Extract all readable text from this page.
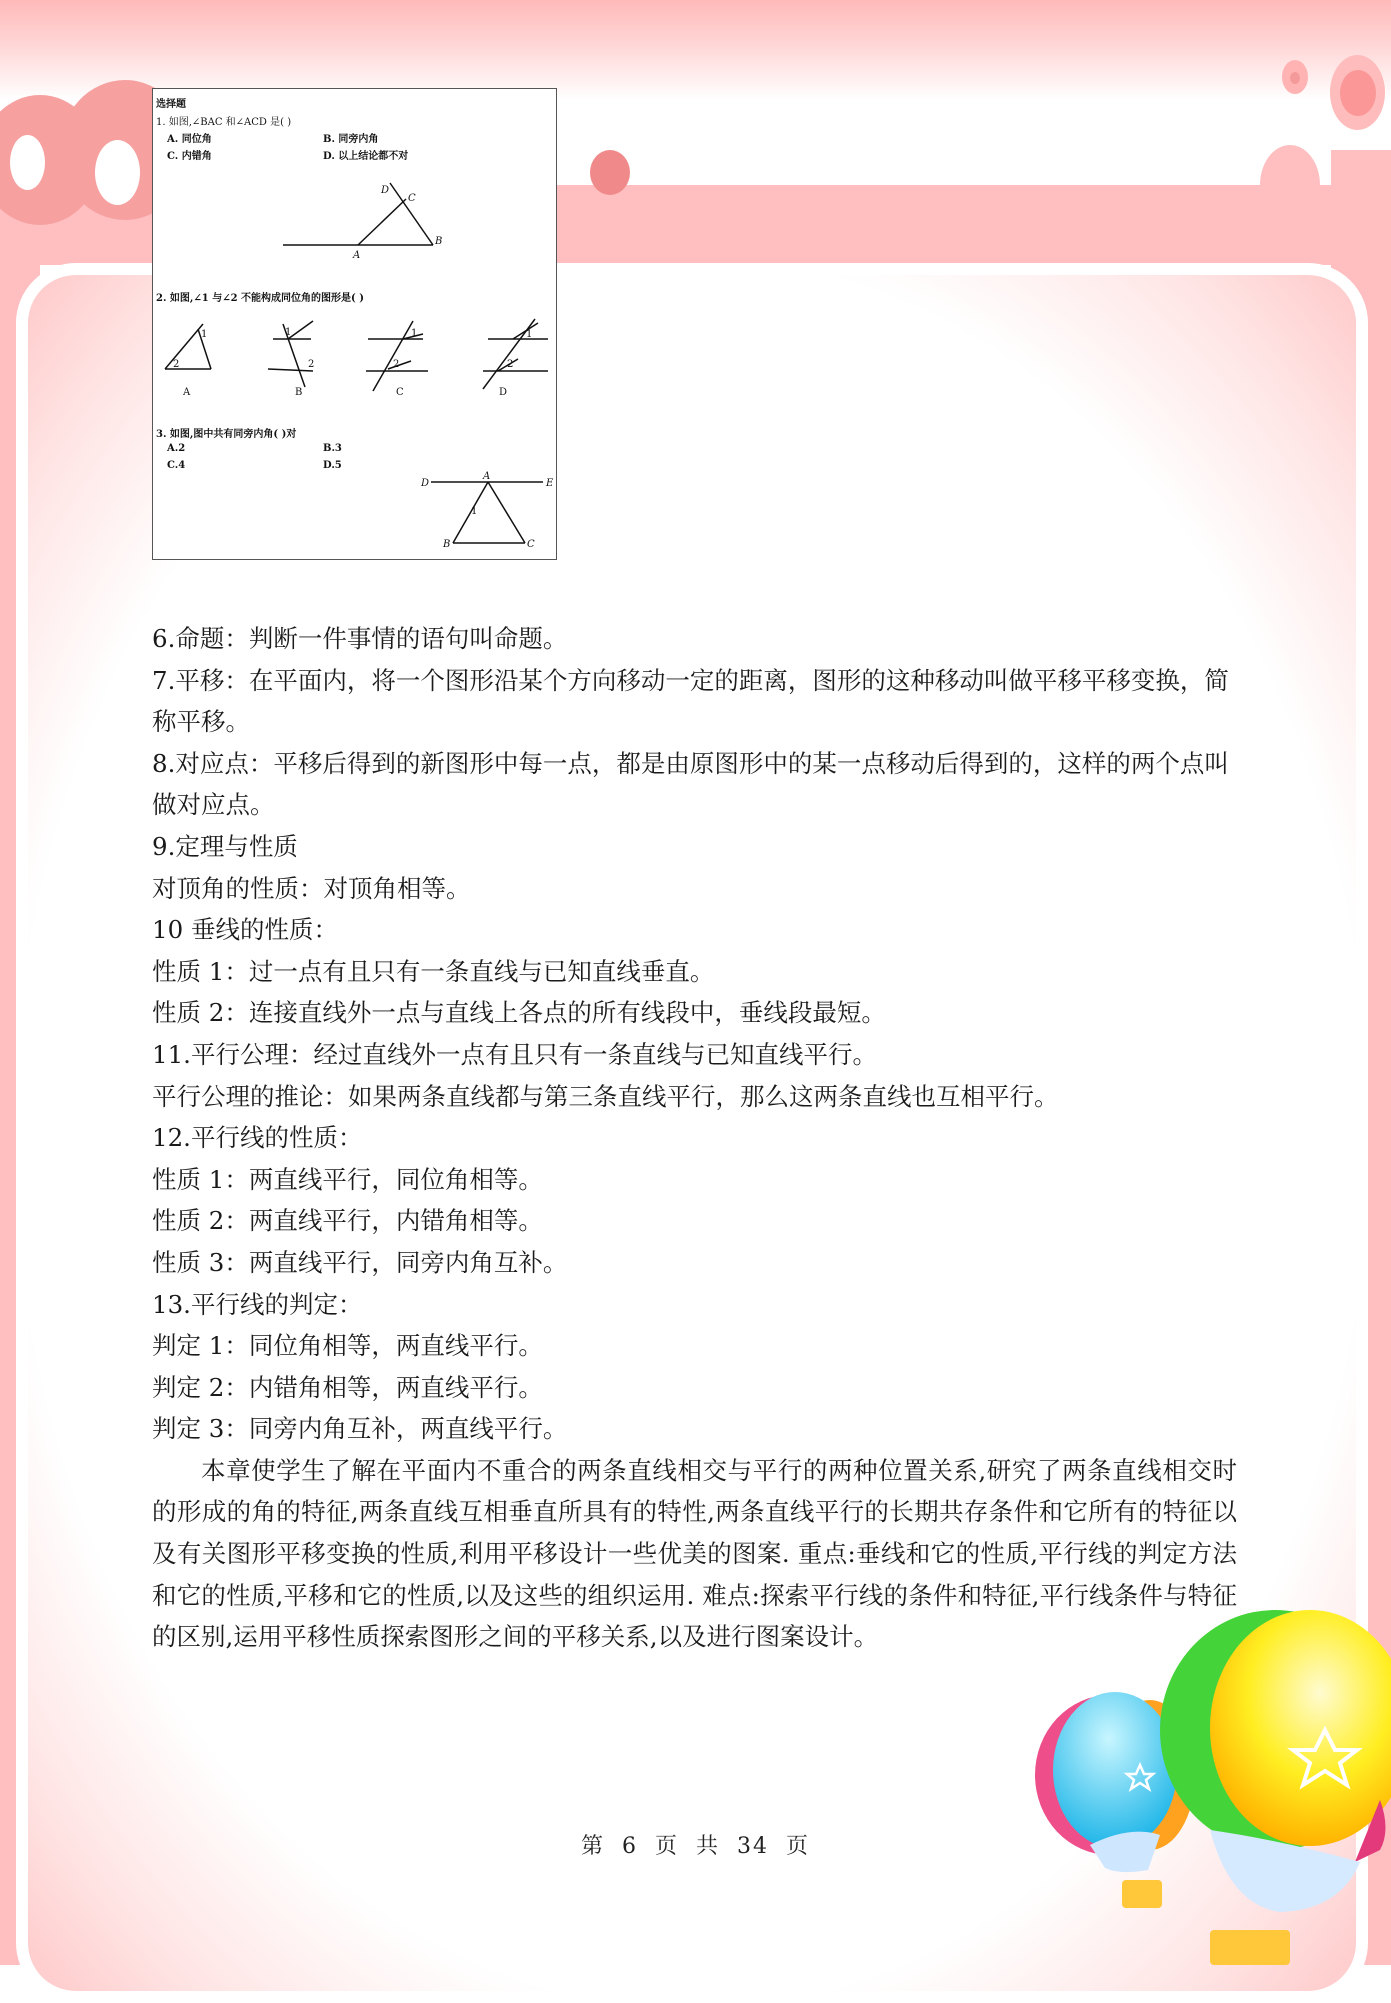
选择题
1. 如图,∠BAC 和∠ACD 是( )
A. 同位角	B. 同旁内角
C. 内错角	D. 以上结论都不对
D
C
A
B
2. 如图,∠1 与∠2 不能构成同位角的图形是( )
1
2
A
1
2
B
1
2
C
1
2
D
3. 如图,图中共有同旁内角( )对
A.2	B.3
C.4	D.5
D
A
E
B	C
1

6.命题：判断一件事情的语句叫命题。

7.平移：在平面内，将一个图形沿某个方向移动一定的距离，图形的这种移动叫做平移平移变换，简称平移。

8.对应点：平移后得到的新图形中每一点，都是由原图形中的某一点移动后得到的，这样的两个点叫做对应点。

9.定理与性质

对顶角的性质：对顶角相等。

10 垂线的性质：

性质 1：过一点有且只有一条直线与已知直线垂直。

性质 2：连接直线外一点与直线上各点的所有线段中，垂线段最短。

11.平行公理：经过直线外一点有且只有一条直线与已知直线平行。

平行公理的推论：如果两条直线都与第三条直线平行，那么这两条直线也互相平行。

12.平行线的性质：

性质 1：两直线平行，同位角相等。

性质 2：两直线平行，内错角相等。

性质 3：两直线平行，同旁内角互补。

13.平行线的判定：

判定 1：同位角相等，两直线平行。

判定 2：内错角相等，两直线平行。

判定 3：同旁内角互补，两直线平行。

本章使学生了解在平面内不重合的两条直线相交与平行的两种位置关系,研究了两条直线相交时的形成的角的特征,两条直线互相垂直所具有的特性,两条直线平行的长期共存条件和它所有的特征以及有关图形平移变换的性质,利用平移设计一些优美的图案. 重点:垂线和它的性质,平行线的判定方法和它的性质,平移和它的性质,以及这些的组织运用. 难点:探索平行线的条件和特征,平行线条件与特征的区别,运用平移性质探索图形之间的平移关系,以及进行图案设计。

第 6 页 共 34 页
